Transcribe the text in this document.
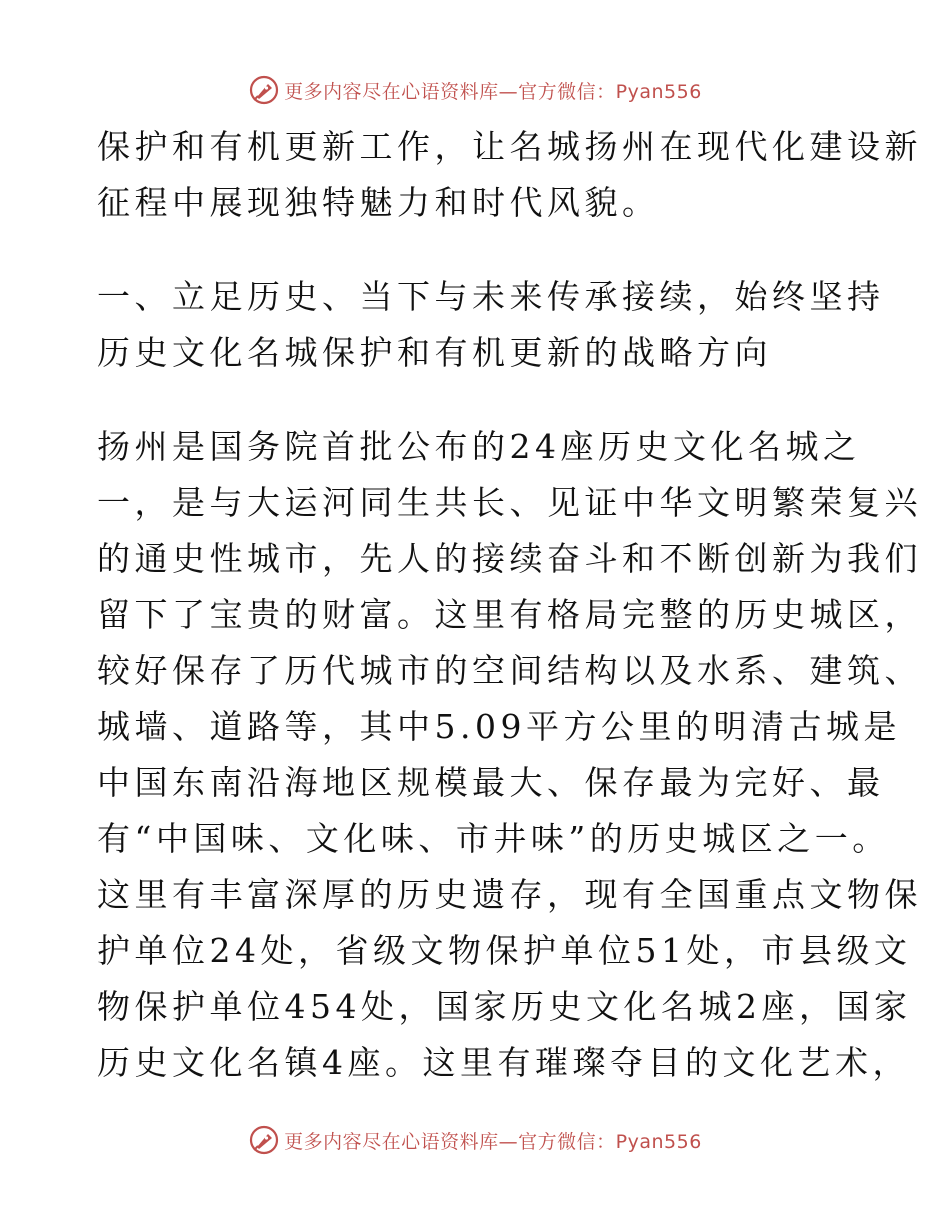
更多内容尽在心语资料库—官方微信：Pyan556
保护和有机更新工作，让名城扬州在现代化建设新
征程中展现独特魅力和时代风貌。
一、立足历史、当下与未来传承接续，始终坚持
历史文化名城保护和有机更新的战略方向
扬州是国务院首批公布的24座历史文化名城之
一，是与大运河同生共长、见证中华文明繁荣复兴
的通史性城市，先人的接续奋斗和不断创新为我们
留下了宝贵的财富。这里有格局完整的历史城区，
较好保存了历代城市的空间结构以及水系、建筑、
城墙、道路等，其中5.09平方公里的明清古城是
中国东南沿海地区规模最大、保存最为完好、最
有“中国味、文化味、市井味”的历史城区之一。
这里有丰富深厚的历史遗存，现有全国重点文物保
护单位24处，省级文物保护单位51处，市县级文
物保护单位454处，国家历史文化名城2座，国家
历史文化名镇4座。这里有璀璨夺目的文化艺术，
更多内容尽在心语资料库—官方微信：Pyan556
